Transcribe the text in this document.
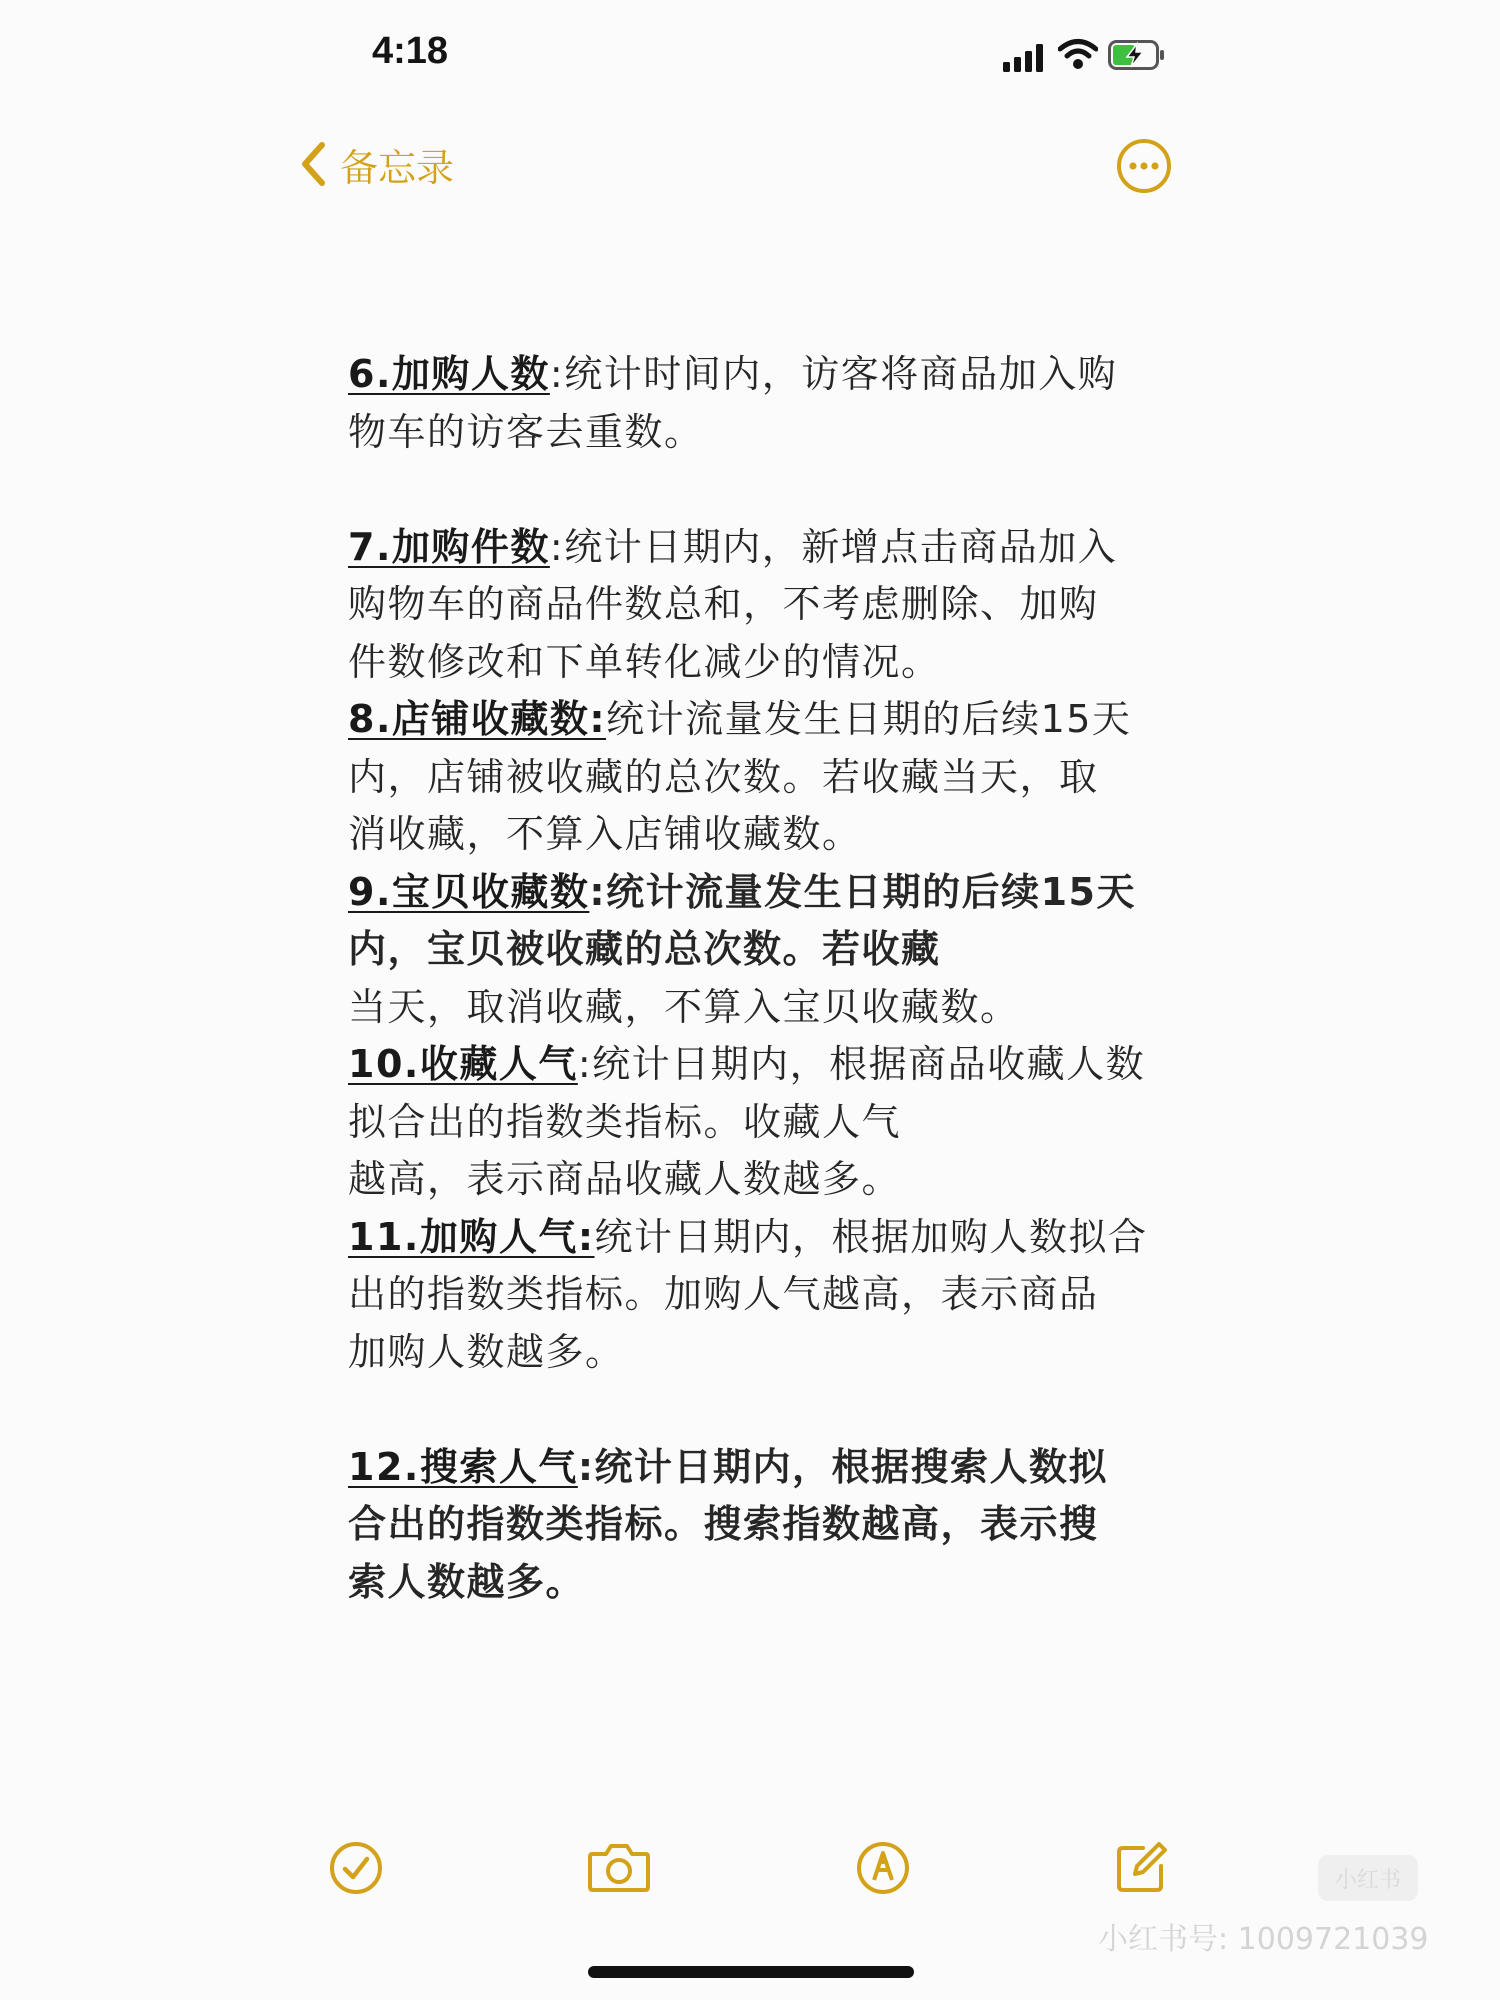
4:18
备忘录

6.加购人数:统计时间内，访客将商品加入购
物车的访客去重数。

7.加购件数:统计日期内，新增点击商品加入
购物车的商品件数总和，不考虑删除、加购
件数修改和下单转化减少的情况。

8.店铺收藏数:统计流量发生日期的后续15天
内，店铺被收藏的总次数。若收藏当天，取
消收藏，不算入店铺收藏数。

9.宝贝收藏数:统计流量发生日期的后续15天
内，宝贝被收藏的总次数。若收藏
当天，取消收藏，不算入宝贝收藏数。

10.收藏人气:统计日期内，根据商品收藏人数
拟合出的指数类指标。收藏人气
越高，表示商品收藏人数越多。

11.加购人气:统计日期内，根据加购人数拟合
出的指数类指标。加购人气越高，表示商品
加购人数越多。

12.搜索人气:统计日期内，根据搜索人数拟
合出的指数类指标。搜索指数越高，表示搜
索人数越多。

小红书
小红书号: 1009721039
